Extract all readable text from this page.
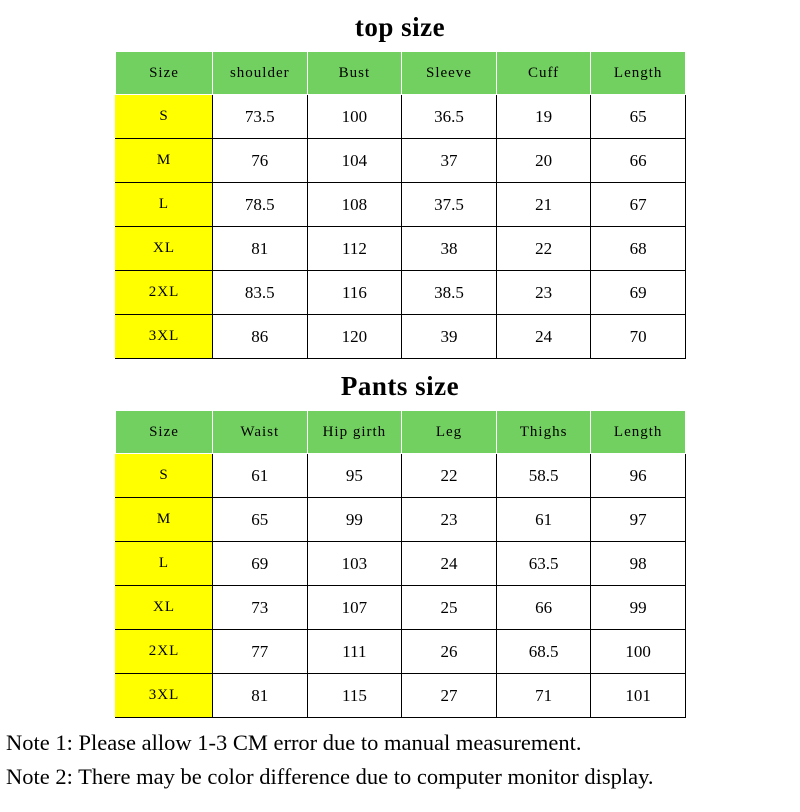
top size
Size	shoulder	Bust	Sleeve	Cuff	Length
S	73.5	100	36.5	19	65
M	76	104	37	20	66
L	78.5	108	37.5	21	67
XL	81	112	38	22	68
2XL	83.5	116	38.5	23	69
3XL	86	120	39	24	70
Pants size
Size	Waist	Hip girth	Leg	Thighs	Length
S	61	95	22	58.5	96
M	65	99	23	61	97
L	69	103	24	63.5	98
XL	73	107	25	66	99
2XL	77	111	26	68.5	100
3XL	81	115	27	71	101
Note 1: Please allow 1-3 CM error due to manual measurement.
Note 2: There may be color difference due to computer monitor display.
